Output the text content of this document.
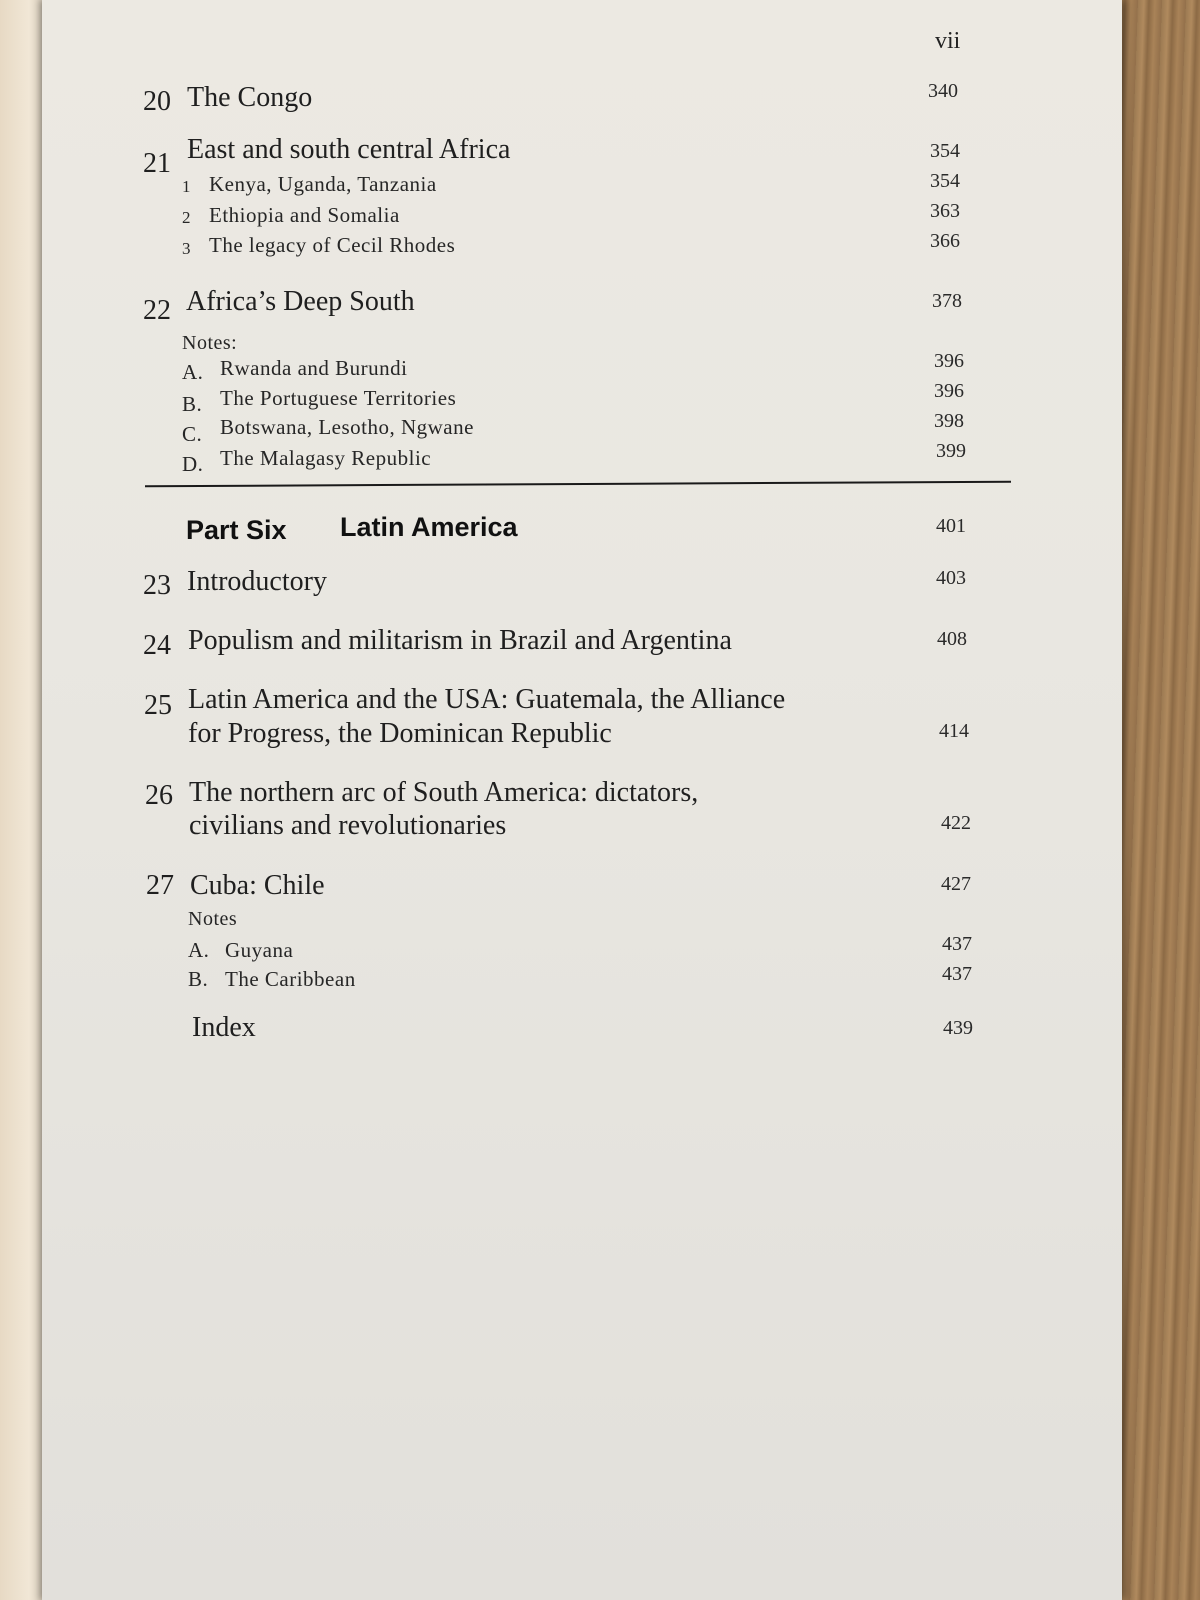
vii
20 The Congo	340
21 East and south central Africa	354
1 Kenya, Uganda, Tanzania	354
2 Ethiopia and Somalia	363
3 The legacy of Cecil Rhodes	366
22 Africa’s Deep South	378
Notes:
A. Rwanda and Burundi	396
B. The Portuguese Territories	396
C. Botswana, Lesotho, Ngwane	398
D. The Malagasy Republic	399
Part Six Latin America	401
23 Introductory	403
24 Populism and militarism in Brazil and Argentina	408
25 Latin America and the USA: Guatemala, the Alliance
for Progress, the Dominican Republic	414
26 The northern arc of South America: dictators,
civilians and revolutionaries	422
27 Cuba: Chile	427
Notes
A. Guyana	437
B. The Caribbean	437
Index	439
